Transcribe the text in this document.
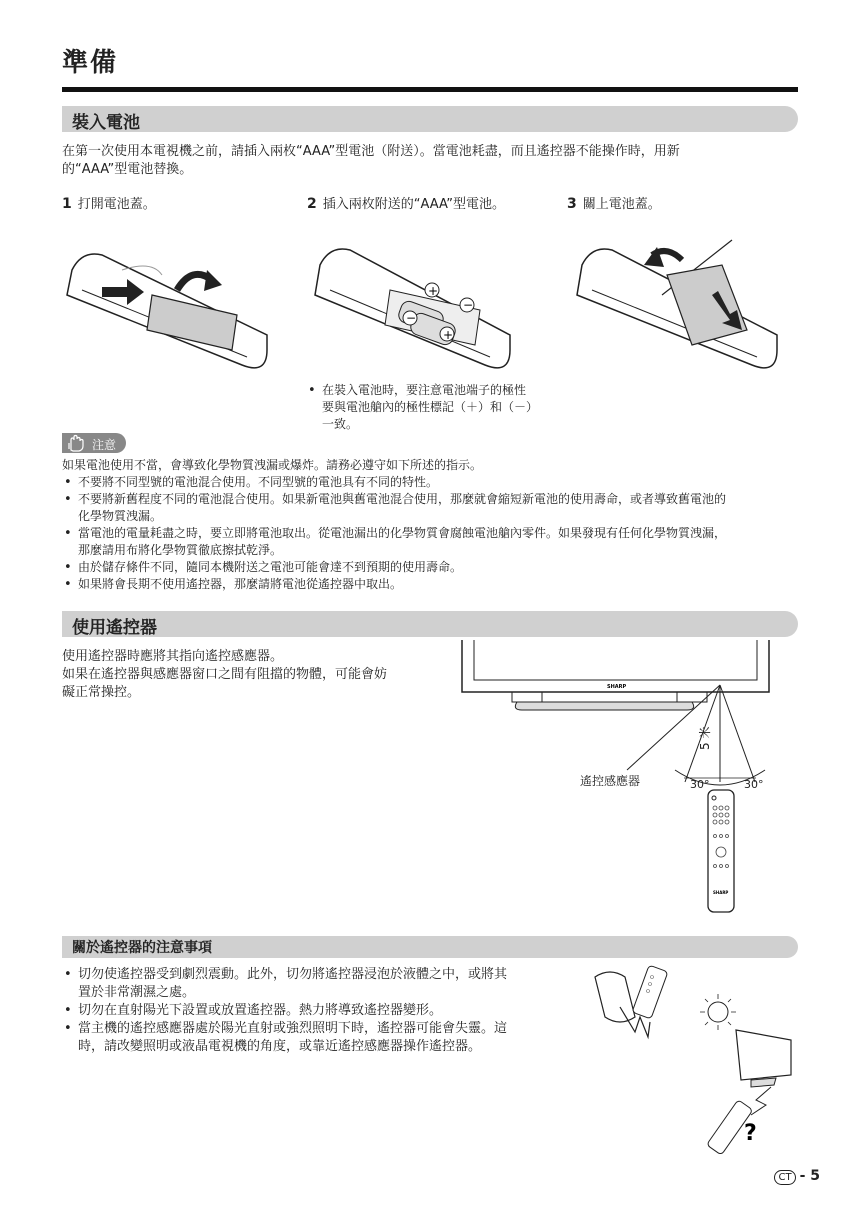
準備
裝入電池
在第一次使用本電視機之前，請插入兩枚“AAA”型電池（附送）。當電池耗盡，而且遙控器不能操作時，用新
的“AAA”型電池替換。
1 打開電池蓋。	2 插入兩枚附送的“AAA”型電池。	3 關上電池蓋。
+
−
−
+
• 在裝入電池時，要注意電池端子的極性
要與電池艙內的極性標記（＋）和（－）
一致。
注意
如果電池使用不當，會導致化學物質洩漏或爆炸。請務必遵守如下所述的指示。
• 不要將不同型號的電池混合使用。不同型號的電池具有不同的特性。
• 不要將新舊程度不同的電池混合使用。如果新電池與舊電池混合使用，那麼就會縮短新電池的使用壽命，或者導致舊電池的
化學物質洩漏。
• 當電池的電量耗盡之時，要立即將電池取出。從電池漏出的化學物質會腐蝕電池艙內零件。如果發現有任何化學物質洩漏，
那麼請用布將化學物質徹底擦拭乾淨。
• 由於儲存條件不同，隨同本機附送之電池可能會達不到預期的使用壽命。
• 如果將會長期不使用遙控器，那麼請將電池從遙控器中取出。
使用遙控器
使用遙控器時應將其指向遙控感應器。
如果在遙控器與感應器窗口之間有阻擋的物體，可能會妨
礙正常操控。	SHARP
SHARP
遙控感應器
5 米
30°	30°
關於遙控器的注意事項
• 切勿使遙控器受到劇烈震動。此外，切勿將遙控器浸泡於液體之中，或將其
置於非常潮濕之處。
• 切勿在直射陽光下設置或放置遙控器。熱力將導致遙控器變形。
• 當主機的遙控感應器處於陽光直射或強烈照明下時，遙控器可能會失靈。這
時，請改變照明或液晶電視機的角度，或靠近遙控感應器操作遙控器。
?
CT - 5
